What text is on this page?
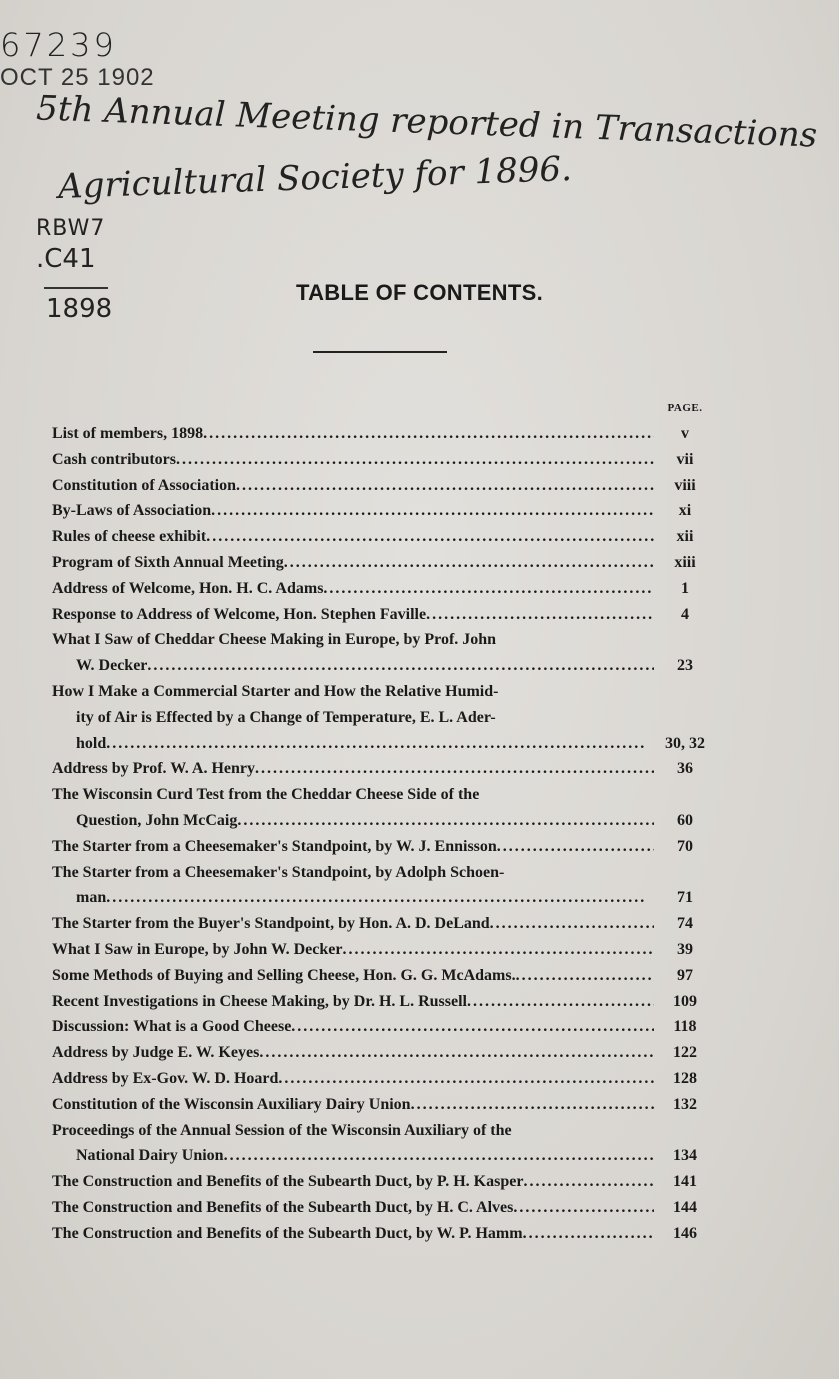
67239
OCT 25 1902
5th Annual Meeting reported in Transactions
Agricultural Society for 1896.
RBW7
.C41
1898
TABLE OF CONTENTS.
PAGE.
v
List of members, 1898
. . .
vii
Cash contributors
. . .
viii
Constitution of Association
. . .
xi
By-Laws of Association
. . .
xii
Rules of cheese exhibit
. . .
xiii
Program of Sixth Annual Meeting
. . .
1
Address of Welcome, Hon. H. C. Adams
. . .
4
Response to Address of Welcome, Hon. Stephen Faville
. . .
What I Saw of Cheddar Cheese Making in Europe, by Prof. John
23
W. Decker
. . .
How I Make a Commercial Starter and How the Relative Humid-
ity of Air is Effected by a Change of Temperature, E. L. Ader-
30, 32
hold
. . .
36
Address by Prof. W. A. Henry
. . .
The Wisconsin Curd Test from the Cheddar Cheese Side of the
60
Question, John McCaig
. . .
70
The Starter from a Cheesemaker's Standpoint, by W. J. Ennisson
. . .
The Starter from a Cheesemaker's Standpoint, by Adolph Schoen-
71
man
. . .
74
The Starter from the Buyer's Standpoint, by Hon. A. D. DeLand
. . .
39
What I Saw in Europe, by John W. Decker
. . .
97
Some Methods of Buying and Selling Cheese, Hon. G. G. McAdams.
. . .
109
Recent Investigations in Cheese Making, by Dr. H. L. Russell
. . .
118
Discussion: What is a Good Cheese
. . .
122
Address by Judge E. W. Keyes
. . .
128
Address by Ex-Gov. W. D. Hoard
. . .
132
Constitution of the Wisconsin Auxiliary Dairy Union
. . .
Proceedings of the Annual Session of the Wisconsin Auxiliary of the
134
National Dairy Union
. . .
141
The Construction and Benefits of the Subearth Duct, by P. H. Kasper
. . .
144
The Construction and Benefits of the Subearth Duct, by H. C. Alves
. . .
146
The Construction and Benefits of the Subearth Duct, by W. P. Hamm
. . .
